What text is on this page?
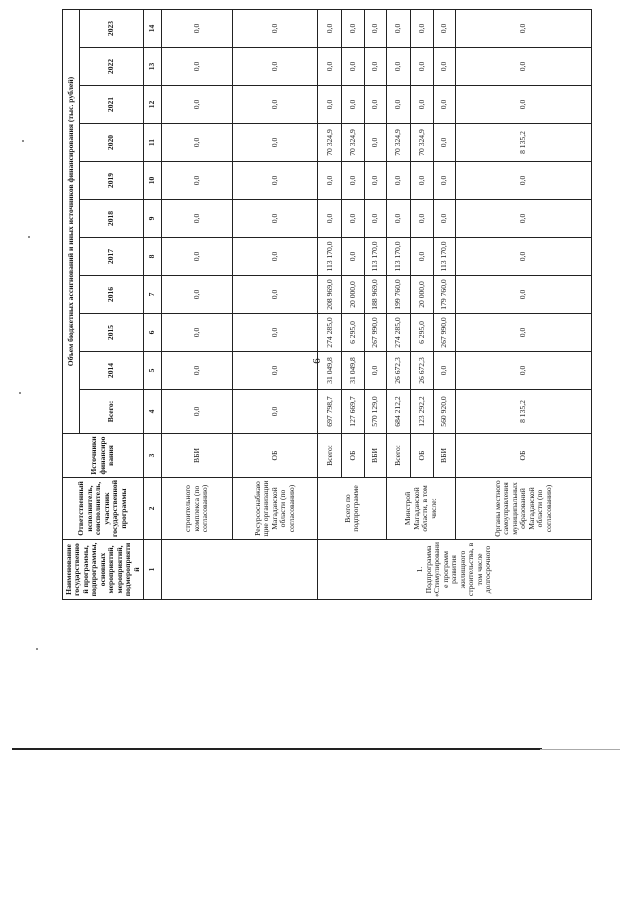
6
Наименование государственной программы, подпрограммы, основных мероприятий, мероприятий, подмероприятий	Ответственный исполнитель, соисполнитель, участник государственной программы	Источники финансирования	Объем бюджетных ассигнований и иных источников финансирования (тыс. рублей)										
			Всего:	2014	2015	2016	2017	2018	2019	2020	2021	2022	2023
1	2	3	4	5	6	7	8	9	10	11	12	13	14
	строительного комплекса (по согласованию)	ВБИ	0,0	0,0	0,0	0,0	0,0	0,0	0,0	0,0	0,0	0,0	0,0
	Ресурсоснабжающие организации Магаданской области (по согласованию)	ОБ	0,0	0,0	0,0	0,0	0,0	0,0	0,0	0,0	0,0	0,0	0,0
1. Подпрограмма «Стимулирование программ развития жилищного строительства, в том числе долгосрочного	Всего по подпрограмме	Всего:	697 798,7	31 049,8	274 285,0	208 969,0	113 170,0	0,0	0,0	70 324,9	0,0	0,0	0,0
		ОБ	127 669,7	31 049,8	6 295,0	20 000,0	0,0	0,0	0,0	70 324,9	0,0	0,0	0,0
		ВБИ	570 129,0	0,0	267 990,0	188 969,0	113 170,0	0,0	0,0	0,0	0,0	0,0	0,0
	Минстрой Магаданской области, в том числе:	Всего:	684 212,2	26 672,3	274 285,0	199 760,0	113 170,0	0,0	0,0	70 324,9	0,0	0,0	0,0
		ОБ	123 292,2	26 672,3	6 295,0	20 000,0	0,0	0,0	0,0	70 324,9	0,0	0,0	0,0
		ВБИ	560 920,0	0,0	267 990,0	179 760,0	113 170,0	0,0	0,0	0,0	0,0	0,0	0,0
	Органы местного самоуправления муниципальных образований Магаданской области (по согласованию)	ОБ	8 135,2	0,0	0,0	0,0	0,0	0,0	0,0	8 135,2	0,0	0,0	0,0
